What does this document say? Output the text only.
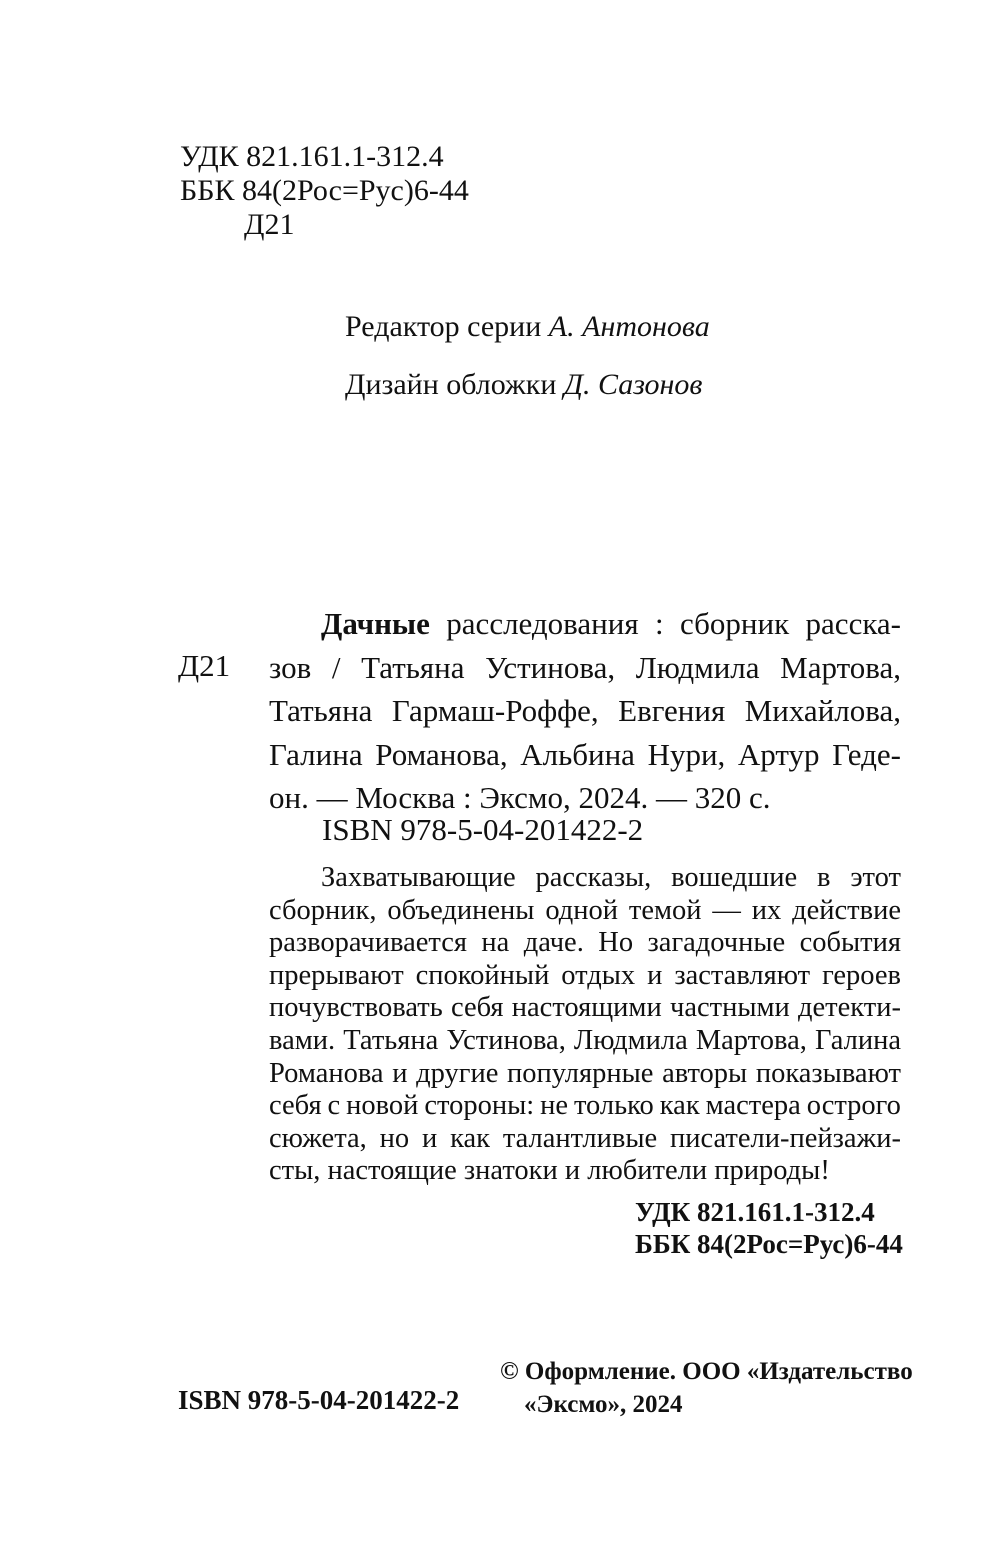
УДК 821.161.1-312.4
ББК 84(2Рос=Рус)6-44
Д21
Редактор серии А. Антонова
Дизайн обложки Д. Сазонов
Д21
Дачные расследования : сборник расска-
зов / Татьяна Устинова, Людмила Мартова,
Татьяна Гармаш-Роффе, Евгения Михайлова,
Галина Романова, Альбина Нури, Артур Геде-
он. — Москва : Эксмо, 2024. — 320 с.
ISBN 978-5-04-201422-2
Захватывающие рассказы, вошедшие в этот
сборник, объединены одной темой — их действие
разворачивается на даче. Но загадочные события
прерывают спокойный отдых и заставляют героев
почувствовать себя настоящими частными детекти-
вами. Татьяна Устинова, Людмила Мартова, Галина
Романова и другие популярные авторы показывают
себя с новой стороны: не только как мастера острого
сюжета, но и как талантливые писатели-пейзажи-
сты, настоящие знатоки и любители природы!
УДК 821.161.1-312.4
ББК 84(2Рос=Рус)6-44
© Оформление. ООО «Издательство
«Эксмо», 2024
ISBN 978-5-04-201422-2
